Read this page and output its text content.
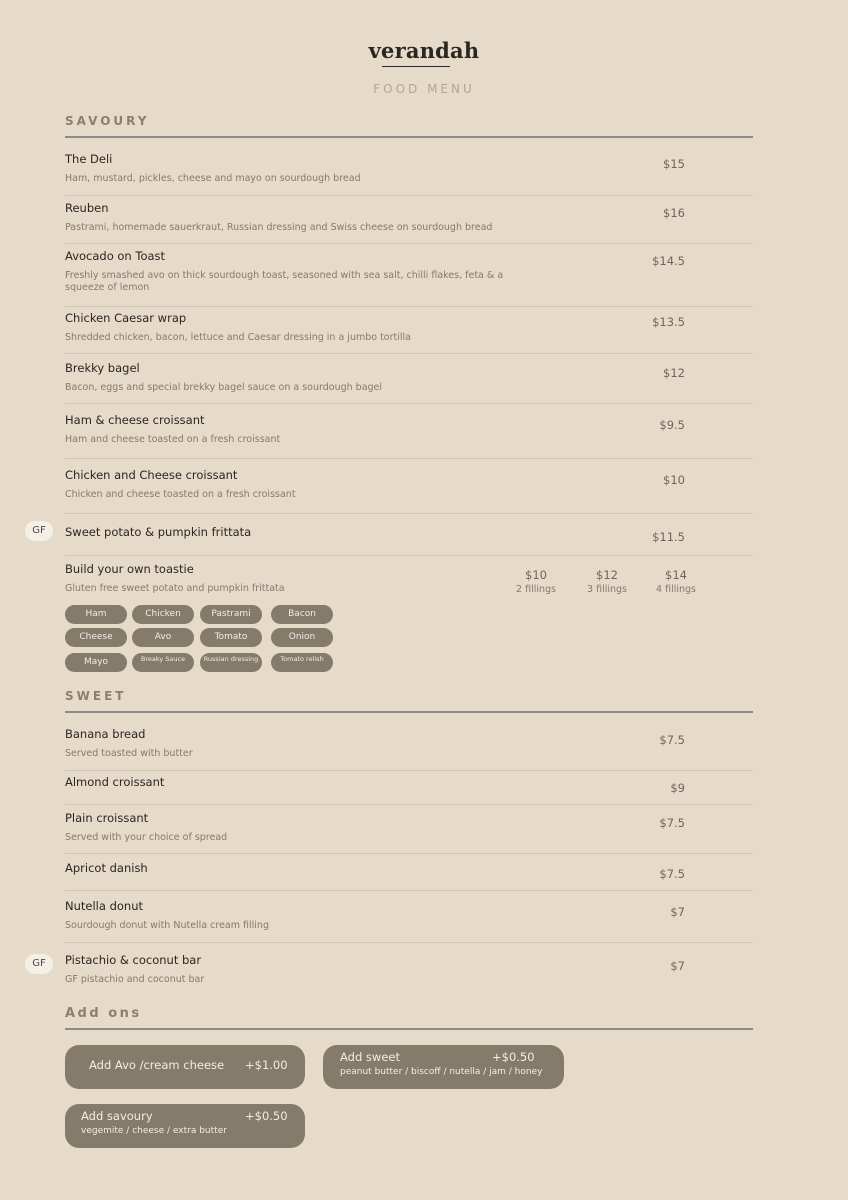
verandah
FOOD MENU
SAVOURY
The Deli
Ham, mustard, pickles, cheese and mayo on sourdough bread
$15
Reuben
Pastrami, homemade sauerkraut, Russian dressing and Swiss cheese on sourdough bread
$16
Avocado on Toast
Freshly smashed avo on thick sourdough toast, seasoned with sea salt, chilli flakes, feta & a squeeze of lemon
$14.5
Chicken Caesar wrap
Shredded chicken, bacon, lettuce and Caesar dressing in a jumbo tortilla
$13.5
Brekky bagel
Bacon, eggs and special brekky bagel sauce on a sourdough bagel
$12
Ham & cheese croissant
Ham and cheese toasted on a fresh croissant
$9.5
Chicken and Cheese croissant
Chicken and cheese toasted on a fresh croissant
$10
GF	Sweet potato & pumpkin frittata	$11.5
Build your own toastie
Gluten free sweet potato and pumpkin frittata
$10
2 fillings
$12
3 fillings
$14
4 fillings
Ham	Chicken	Pastrami	Bacon
Cheese	Avo	Tomato	Onion
Mayo	Breaky Sauce	Russian dressing	Tomato relish
SWEET
Banana bread
Served toasted with butter
$7.5
Almond croissant	$9
Plain croissant
Served with your choice of spread
$7.5
Apricot danish	$7.5
Nutella donut
Sourdough donut with Nutella cream filling
$7
GF	Pistachio & coconut bar
GF pistachio and coconut bar
$7
Add ons
Add Avo /cream cheese +$1.00
Add sweet	+$0.50
peanut butter / biscoff / nutella / jam / honey
Add savoury	+$0.50
vegemite / cheese / extra butter
